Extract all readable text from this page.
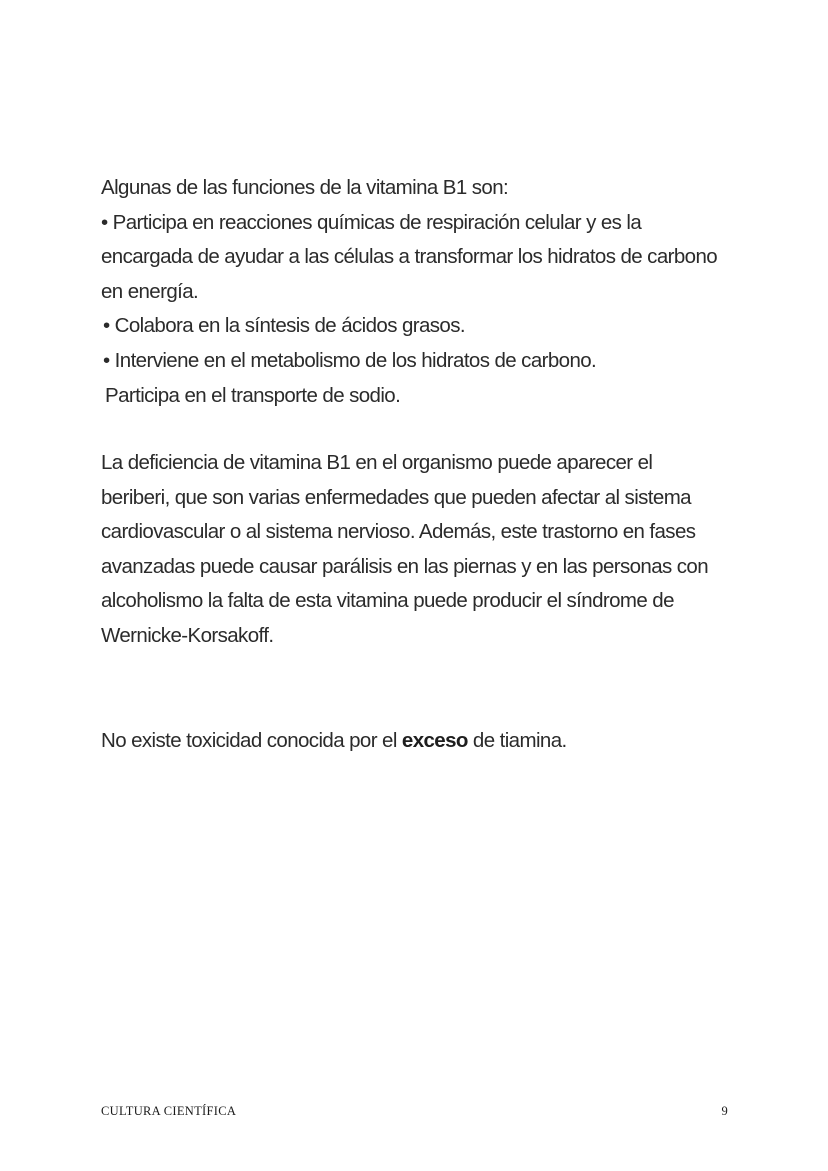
Algunas de las funciones de la vitamina B1 son:
• Participa en reacciones químicas de respiración celular y es la
encargada de ayudar a las células a transformar los hidratos de carbono
en energía.
• Colabora en la síntesis de ácidos grasos.
• Interviene en el metabolismo de los hidratos de carbono.
Participa en el transporte de sodio.
La deficiencia de vitamina B1 en el organismo puede aparecer el
beriberi, que son varias enfermedades que pueden afectar al sistema
cardiovascular o al sistema nervioso. Además, este trastorno en fases
avanzadas puede causar parálisis en las piernas y en las personas con
alcoholismo la falta de esta vitamina puede producir el síndrome de
Wernicke-Korsakoff.
No existe toxicidad conocida por el exceso de tiamina.
CULTURA CIENTÍFICA	9
